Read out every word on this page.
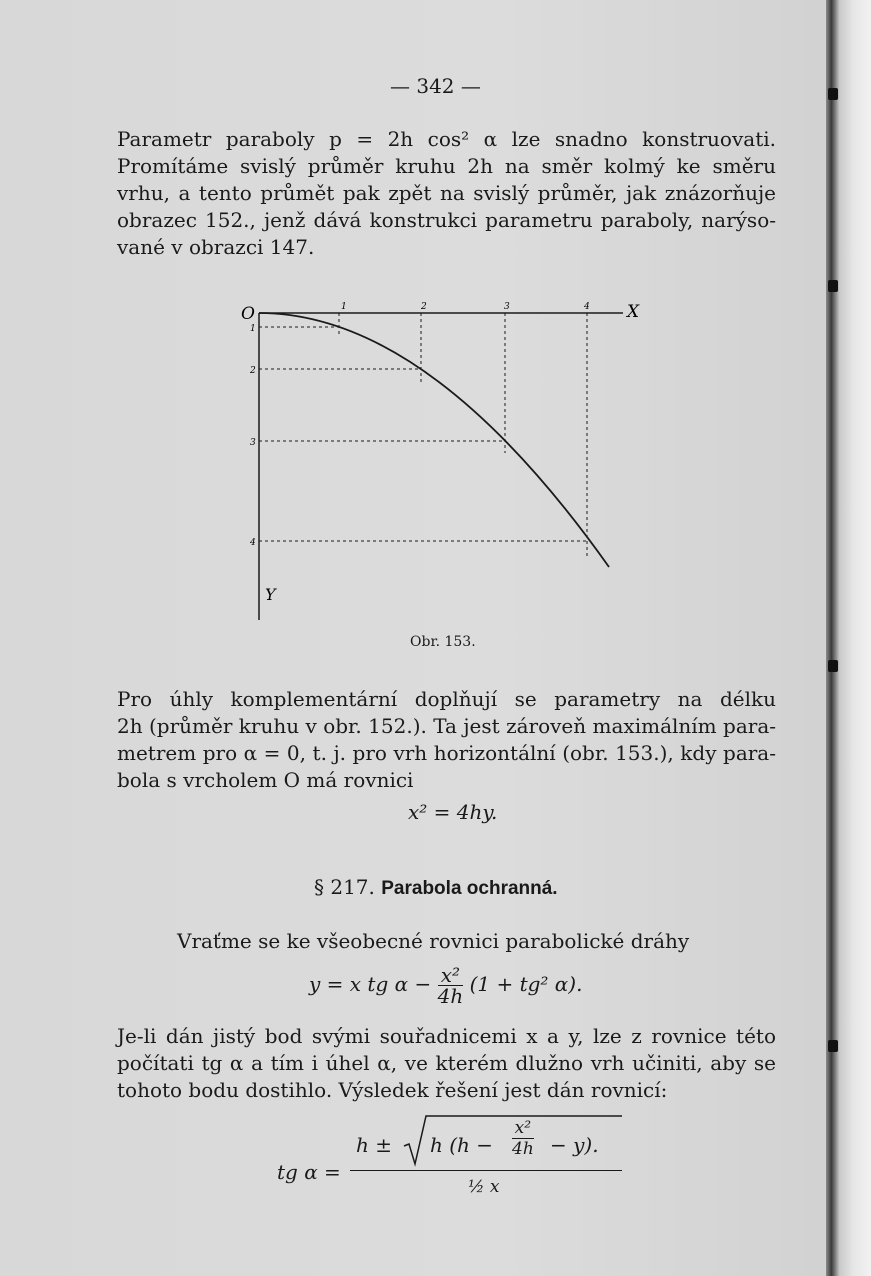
— 342 —
Parametr paraboly p = 2h cos² α lze snadno konstruovati.
Promítáme svislý průměr kruhu 2h na směr kolmý ke směru
vrhu, a tento průmět pak zpět na svislý průměr, jak znázorňuje
obrazec 152., jenž dává konstrukci parametru paraboly, narýso-
vané v obrazci 147.
O	X
Y
1	2	3	4
1
2
3
4
Obr. 153.
Pro úhly komplementární doplňují se parametry na délku
2h (průměr kruhu v obr. 152.). Ta jest zároveň maximálním para-
metrem pro α = 0, t. j. pro vrh horizontální (obr. 153.), kdy para-
bola s vrcholem O má rovnici
x² = 4hy.
§ 217. Parabola ochranná.
Vraťme se ke všeobecné rovnici parabolické dráhy
y = x tg $\alpha - \frac{\text{x²}}{4h} (1 + tg^2$ α).
Je-li dán jistý bod svými souřadnicemi x a y, lze z rovnice této
počítati tg α a tím i úhel α, ve kterém dlužno vrh učiniti, aby se
tohoto bodu dostihlo. Výsledek řešení jest dán rovnicí:
tg α =
h ± h $(h - \frac{\text{x²}}{4h} - y)$.
½ x
